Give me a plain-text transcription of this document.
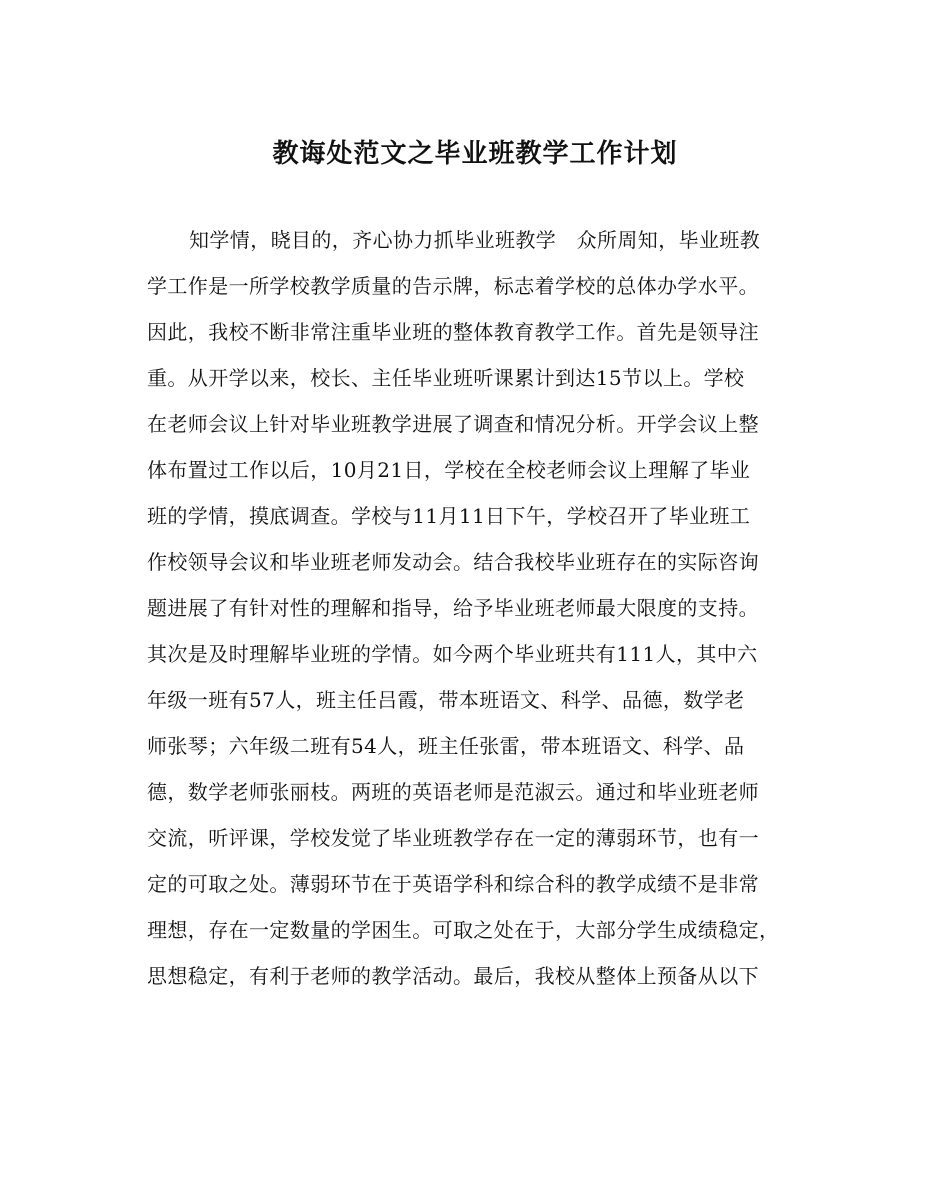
教诲处范文之毕业班教学工作计划
知学情，晓目的，齐心协力抓毕业班教学　众所周知，毕业班教
学工作是一所学校教学质量的告示牌，标志着学校的总体办学水平。
因此，我校不断非常注重毕业班的整体教育教学工作。首先是领导注
重。从开学以来，校长、主任毕业班听课累计到达15节以上。学校
在老师会议上针对毕业班教学进展了调查和情况分析。开学会议上整
体布置过工作以后，10月21日，学校在全校老师会议上理解了毕业
班的学情，摸底调查。学校与11月11日下午，学校召开了毕业班工
作校领导会议和毕业班老师发动会。结合我校毕业班存在的实际咨询
题进展了有针对性的理解和指导，给予毕业班老师最大限度的支持。
其次是及时理解毕业班的学情。如今两个毕业班共有111人，其中六
年级一班有57人，班主任吕霞，带本班语文、科学、品德，数学老
师张琴；六年级二班有54人，班主任张雷，带本班语文、科学、品
德，数学老师张丽枝。两班的英语老师是范淑云。通过和毕业班老师
交流，听评课，学校发觉了毕业班教学存在一定的薄弱环节，也有一
定的可取之处。薄弱环节在于英语学科和综合科的教学成绩不是非常
理想，存在一定数量的学困生。可取之处在于，大部分学生成绩稳定，
思想稳定，有利于老师的教学活动。最后，我校从整体上预备从以下
